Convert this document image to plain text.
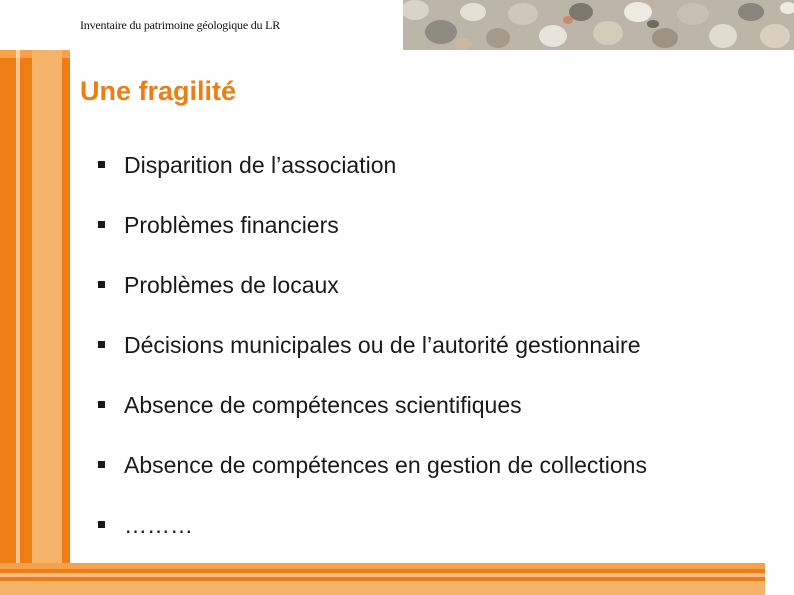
Inventaire du patrimoine géologique du LR
Une fragilité
Disparition de l’association
Problèmes financiers
Problèmes de locaux
Décisions municipales ou de l’autorité gestionnaire
Absence de compétences scientifiques
Absence de compétences en gestion de collections
………
